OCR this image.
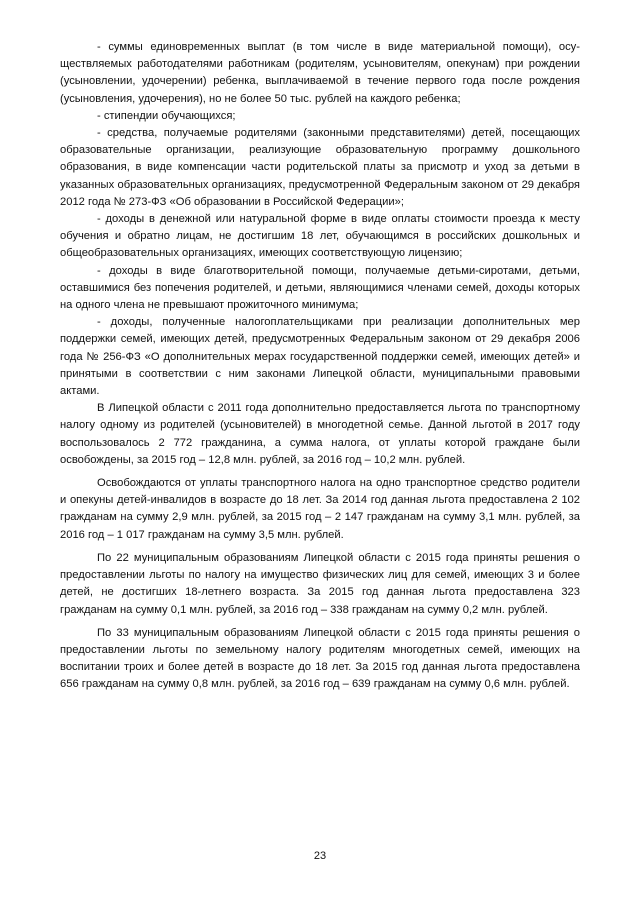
- суммы единовременных выплат (в том числе в виде материальной помощи), осуществляемых работодателями работникам (родителям, усыновителям, опекунам) при рождении (усыновлении, удочерении) ребенка, выплачиваемой в течение первого года после рождения (усыновления, удочерения), но не более 50 тыс. рублей на каждого ребенка;

- стипендии обучающихся;

- средства, получаемые родителями (законными представителями) детей, посещающих образовательные организации, реализующие образовательную программу дошкольного образования, в виде компенсации части родительской платы за присмотр и уход за детьми в указанных образовательных организациях, предусмотренной Федеральным законом от 29 декабря 2012 года № 273-ФЗ «Об образовании в Российской Федерации»;

- доходы в денежной или натуральной форме в виде оплаты стоимости проезда к месту обучения и обратно лицам, не достигшим 18 лет, обучающимся в российских дошкольных и общеобразовательных организациях, имеющих соответствующую лицензию;

- доходы в виде благотворительной помощи, получаемые детьми-сиротами, детьми, оставшимися без попечения родителей, и детьми, являющимися членами семей, доходы которых на одного члена не превышают прожиточного минимума;

- доходы, полученные налогоплательщиками при реализации дополнительных мер поддержки семей, имеющих детей, предусмотренных Федеральным законом от 29 декабря 2006 года № 256-ФЗ «О дополнительных мерах государственной поддержки семей, имеющих детей» и принятыми в соответствии с ним законами Липецкой области, муниципальными правовыми актами.

В Липецкой области с 2011 года дополнительно предоставляется льгота по транспортному налогу одному из родителей (усыновителей) в многодетной семье. Данной льготой в 2017 году воспользовалось 2 772 гражданина, а сумма налога, от уплаты которой граждане были освобождены, за 2015 год – 12,8 млн. рублей, за 2016 год – 10,2 млн. рублей.

Освобождаются от уплаты транспортного налога на одно транспортное средство родители и опекуны детей-инвалидов в возрасте до 18 лет. За 2014 год данная льгота предоставлена 2 102 гражданам на сумму 2,9 млн. рублей, за 2015 год – 2 147 гражданам на сумму 3,1 млн. рублей, за 2016 год – 1 017 гражданам на сумму 3,5 млн. рублей.

По 22 муниципальным образованиям Липецкой области с 2015 года приняты решения о предоставлении льготы по налогу на имущество физических лиц для семей, имеющих 3 и более детей, не достигших 18-летнего возраста. За 2015 год данная льгота предоставлена 323 гражданам на сумму 0,1 млн. рублей, за 2016 год – 338 гражданам на сумму 0,2 млн. рублей.

По 33 муниципальным образованиям Липецкой области с 2015 года приняты решения о предоставлении льготы по земельному налогу родителям многодетных семей, имеющих на воспитании троих и более детей в возрасте до 18 лет. За 2015 год данная льгота предоставлена 656 гражданам на сумму 0,8 млн. рублей, за 2016 год – 639 гражданам на сумму 0,6 млн. рублей.

23
